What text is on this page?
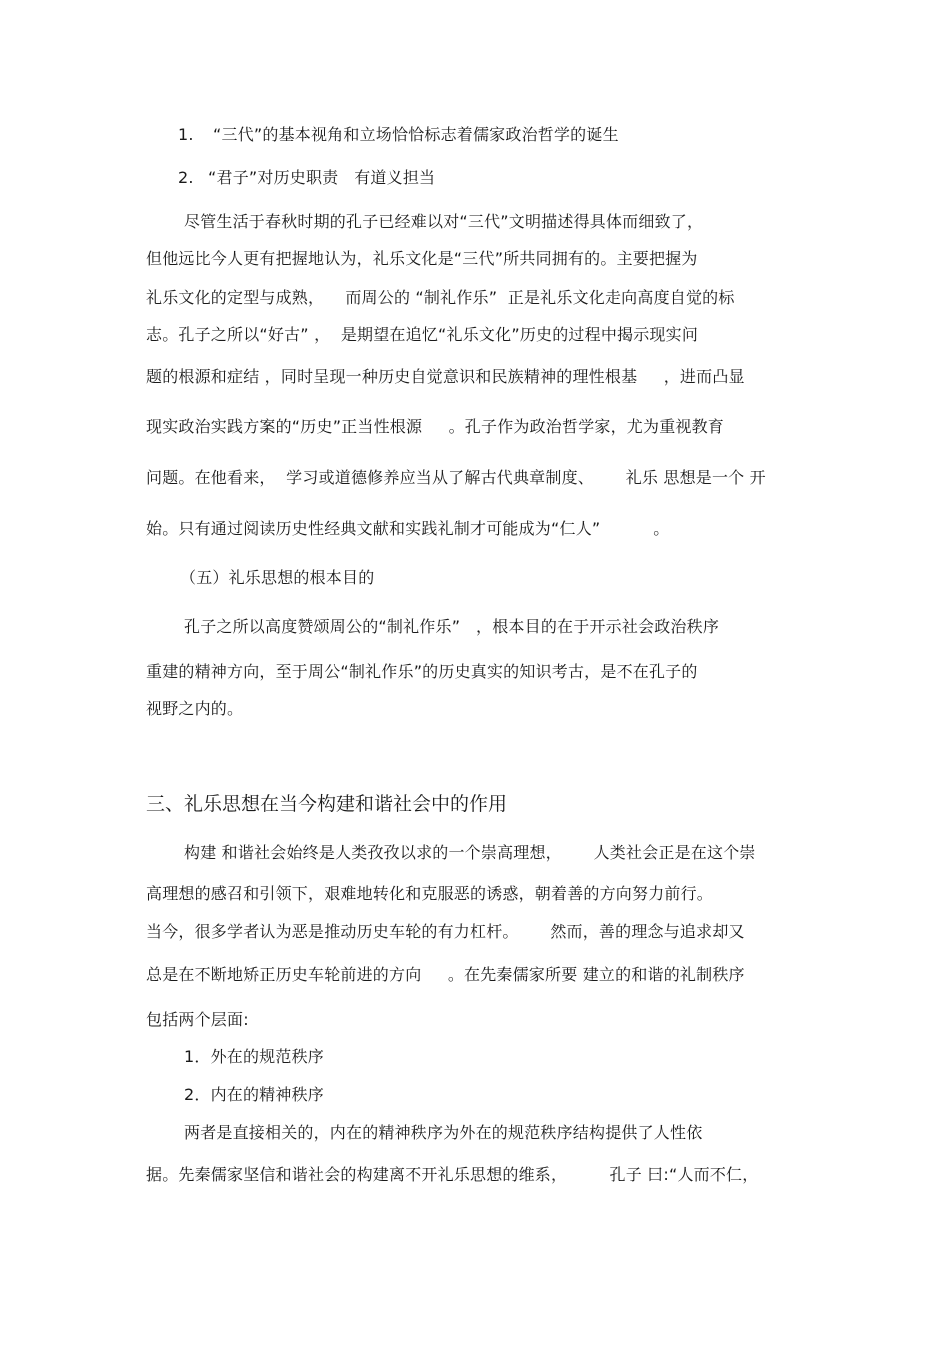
1. “三代”的基本视角和立场恰恰标志着儒家政治哲学的诞生
2. “君子”对历史职责   有道义担当
尽管生活于春秋时期的孔子已经难以对“三代”文明描述得具体而细致了，
但他远比今人更有把握地认为，礼乐文化是“三代”所共同拥有的。主要把握为
礼乐文化的定型与成熟，    而周公的 “制礼作乐”  正是礼乐文化走向高度自觉的标
志。孔子之所以“好古” ，  是期望在追忆“礼乐文化”历史的过程中揭示现实问
题的根源和症结 ，同时呈现一种历史自觉意识和民族精神的理性根基     ，进而凸显
现实政治实践方案的“历史”正当性根源     。孔子作为政治哲学家，尤为重视教育
问题。在他看来，  学习或道德修养应当从了解古代典章制度、      礼乐 思想是一个 开
始。只有通过阅读历史性经典文献和实践礼制才可能成为“仁人”          。
（五）礼乐思想的根本目的
孔子之所以高度赞颂周公的“制礼作乐”   ，根本目的在于开示社会政治秩序
重建的精神方向，至于周公“制礼作乐”的历史真实的知识考古，是不在孔子的
视野之内的。
三、礼乐思想在当今构建和谐社会中的作用
构建 和谐社会始终是人类孜孜以求的一个崇高理想，      人类社会正是在这个崇
高理想的感召和引领下，艰难地转化和克服恶的诱惑，朝着善的方向努力前行。
当今，很多学者认为恶是推动历史车轮的有力杠杆。      然而，善的理念与追求却又
总是在不断地矫正历史车轮前进的方向     。在先秦儒家所要 建立的和谐的礼制秩序
包括两个层面:
1．外在的规范秩序
2．内在的精神秩序
两者是直接相关的，内在的精神秩序为外在的规范秩序结构提供了人性依
据。先秦儒家坚信和谐社会的构建离不开礼乐思想的维系，        孔子 曰:“人而不仁，
